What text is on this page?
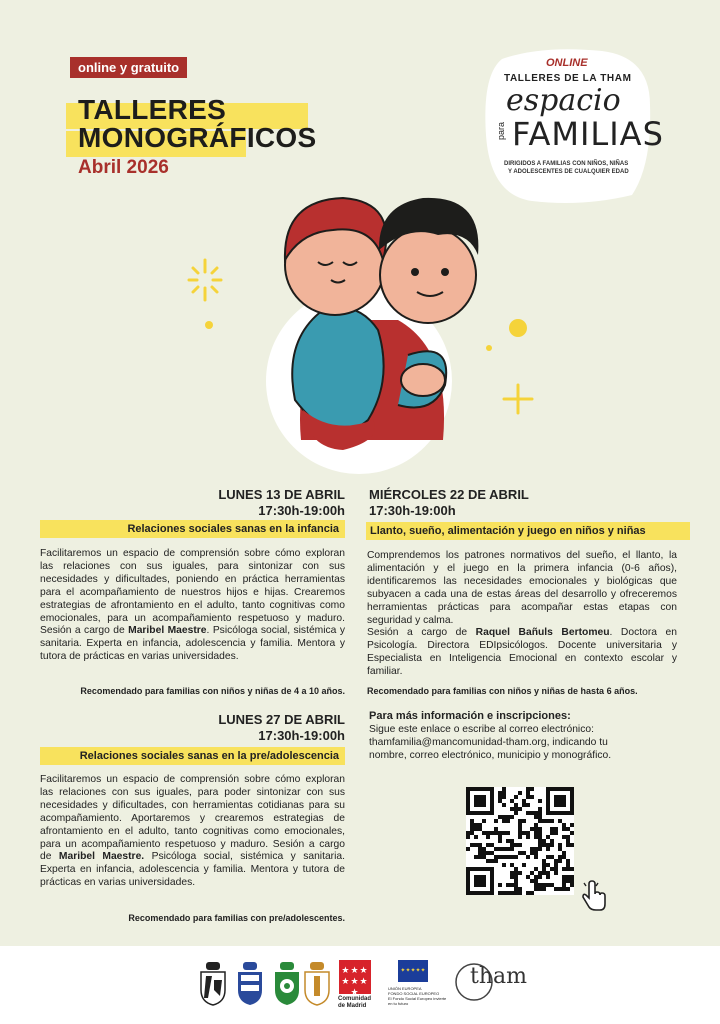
online y gratuito
TALLERES
MONOGRÁFICOS
Abril 2026
ONLINE
TALLERES DE LA THAM
espacio
para FAMILIAS
DIRIGIDOS A FAMILIAS CON NIÑOS, NIÑAS
Y ADOLESCENTES DE CUALQUIER EDAD
LUNES 13 DE ABRIL
17:30h-19:00h
Relaciones sociales sanas en la infancia
Facilitaremos un espacio de comprensión sobre cómo exploran las relaciones con sus iguales, para sintonizar con sus necesidades y dificultades, poniendo en práctica herramientas para el acompañamiento de nuestros hijos e hijas. Crearemos estrategias de afrontamiento en el adulto, tanto cognitivas como emocionales, para un acompañamiento respetuoso y maduro. Sesión a cargo de Maribel Maestre. Psicóloga social, sistémica y sanitaria. Experta en infancia, adolescencia y familia. Mentora y tutora de prácticas en varias universidades.
Recomendado para familias con niños y niñas de 4 a 10 años.
LUNES 27 DE ABRIL
17:30h-19:00h
Relaciones sociales sanas en la pre/adolescencia
Facilitaremos un espacio de comprensión sobre cómo exploran las relaciones con sus iguales, para poder sintonizar con sus necesidades y dificultades, con herramientas cotidianas para su acompañamiento. Aportaremos y crearemos estrategias de afrontamiento en el adulto, tanto cognitivas como emocionales, para un acompañamiento respetuoso y maduro. Sesión a cargo de Maribel Maestre. Psicóloga social, sistémica y sanitaria. Experta en infancia, adolescencia y familia. Mentora y tutora de prácticas en varias universidades.
Recomendado para familias con pre/adolescentes.
MIÉRCOLES 22 DE ABRIL
17:30h-19:00h
Llanto, sueño, alimentación y juego en niños y niñas
Comprendemos los patrones normativos del sueño, el llanto, la alimentación y el juego en la primera infancia (0-6 años), identificaremos las necesidades emocionales y biológicas que subyacen a cada una de estas áreas del desarrollo y ofreceremos herramientas prácticas para acompañar estas etapas con seguridad y calma.
Sesión a cargo de Raquel Bañuls Bertomeu. Doctora en Psicología. Directora EDIpsicólogos. Docente universitaria y Especialista en Inteligencia Emocional en contexto escolar y familiar.
Recomendado para familias con niños y niñas de hasta 6 años.
Para más información e inscripciones:
Sigue este enlace o escribe al correo electrónico:
thamfamilia@mancomunidad-tham.org, indicando tu
nombre, correo electrónico, municipio y monográfico.
★★★
★★★
★
Comunidad
de Madrid
✦✦✦✦✦
UNIÓN EUROPEA
FONDO SOCIAL EUROPEO
El Fondo Social Europeo invierte en tu futuro
tham
